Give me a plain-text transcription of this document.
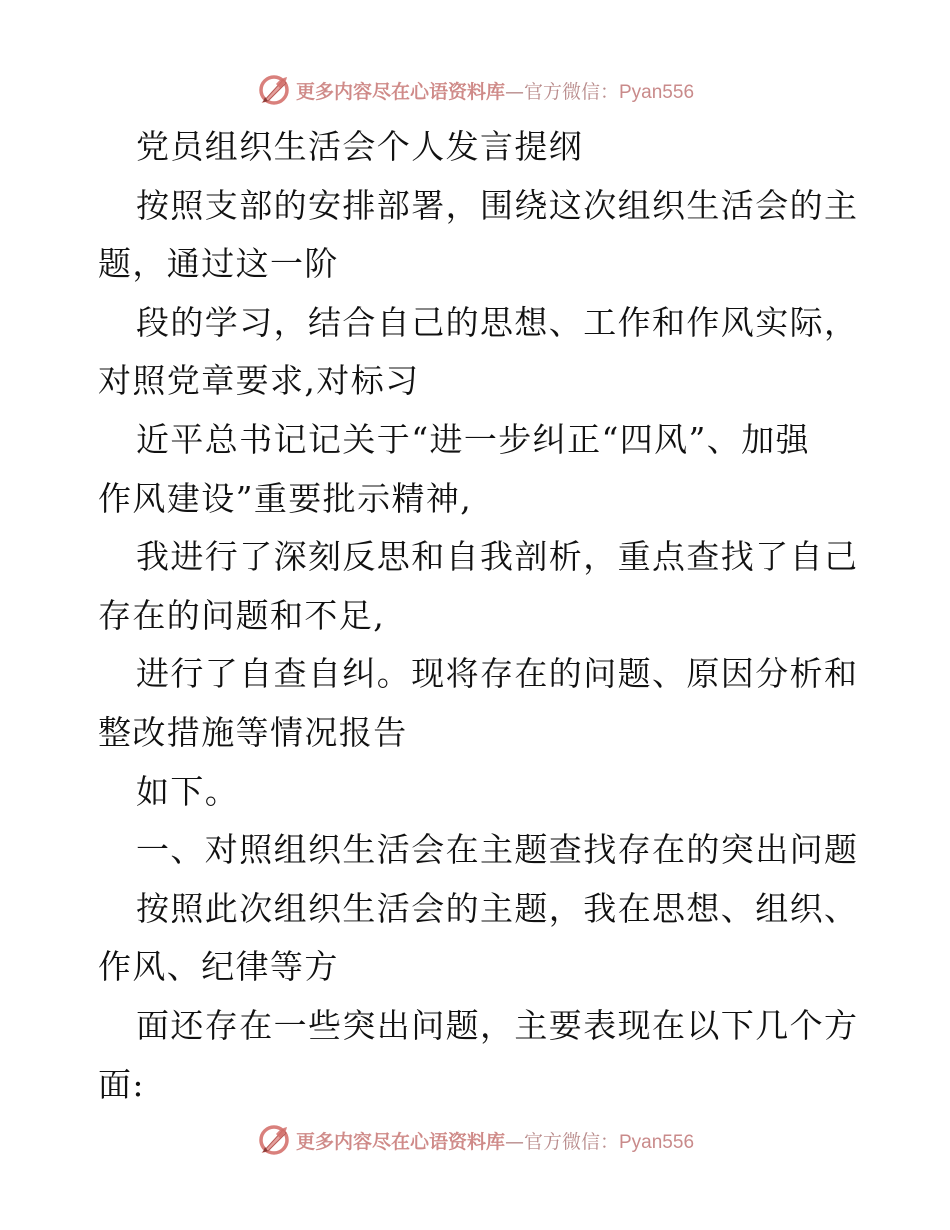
更多内容尽在心语资料库—官方微信：Pyan556

党员组织生活会个人发言提纲

按照支部的安排部署，围绕这次组织生活会的主

题，通过这一阶

段的学习，结合自己的思想、工作和作风实际，

对照党章要求,对标习

近平总书记记关于“进一步纠正“四风”、加强

作风建设”重要批示精神,

我进行了深刻反思和自我剖析，重点查找了自己

存在的问题和不足,

进行了自查自纠。现将存在的问题、原因分析和

整改措施等情况报告

如下。

一、对照组织生活会在主题查找存在的突出问题

按照此次组织生活会的主题，我在思想、组织、

作风、纪律等方

面还存在一些突出问题，主要表现在以下几个方

面:

更多内容尽在心语资料库—官方微信：Pyan556
